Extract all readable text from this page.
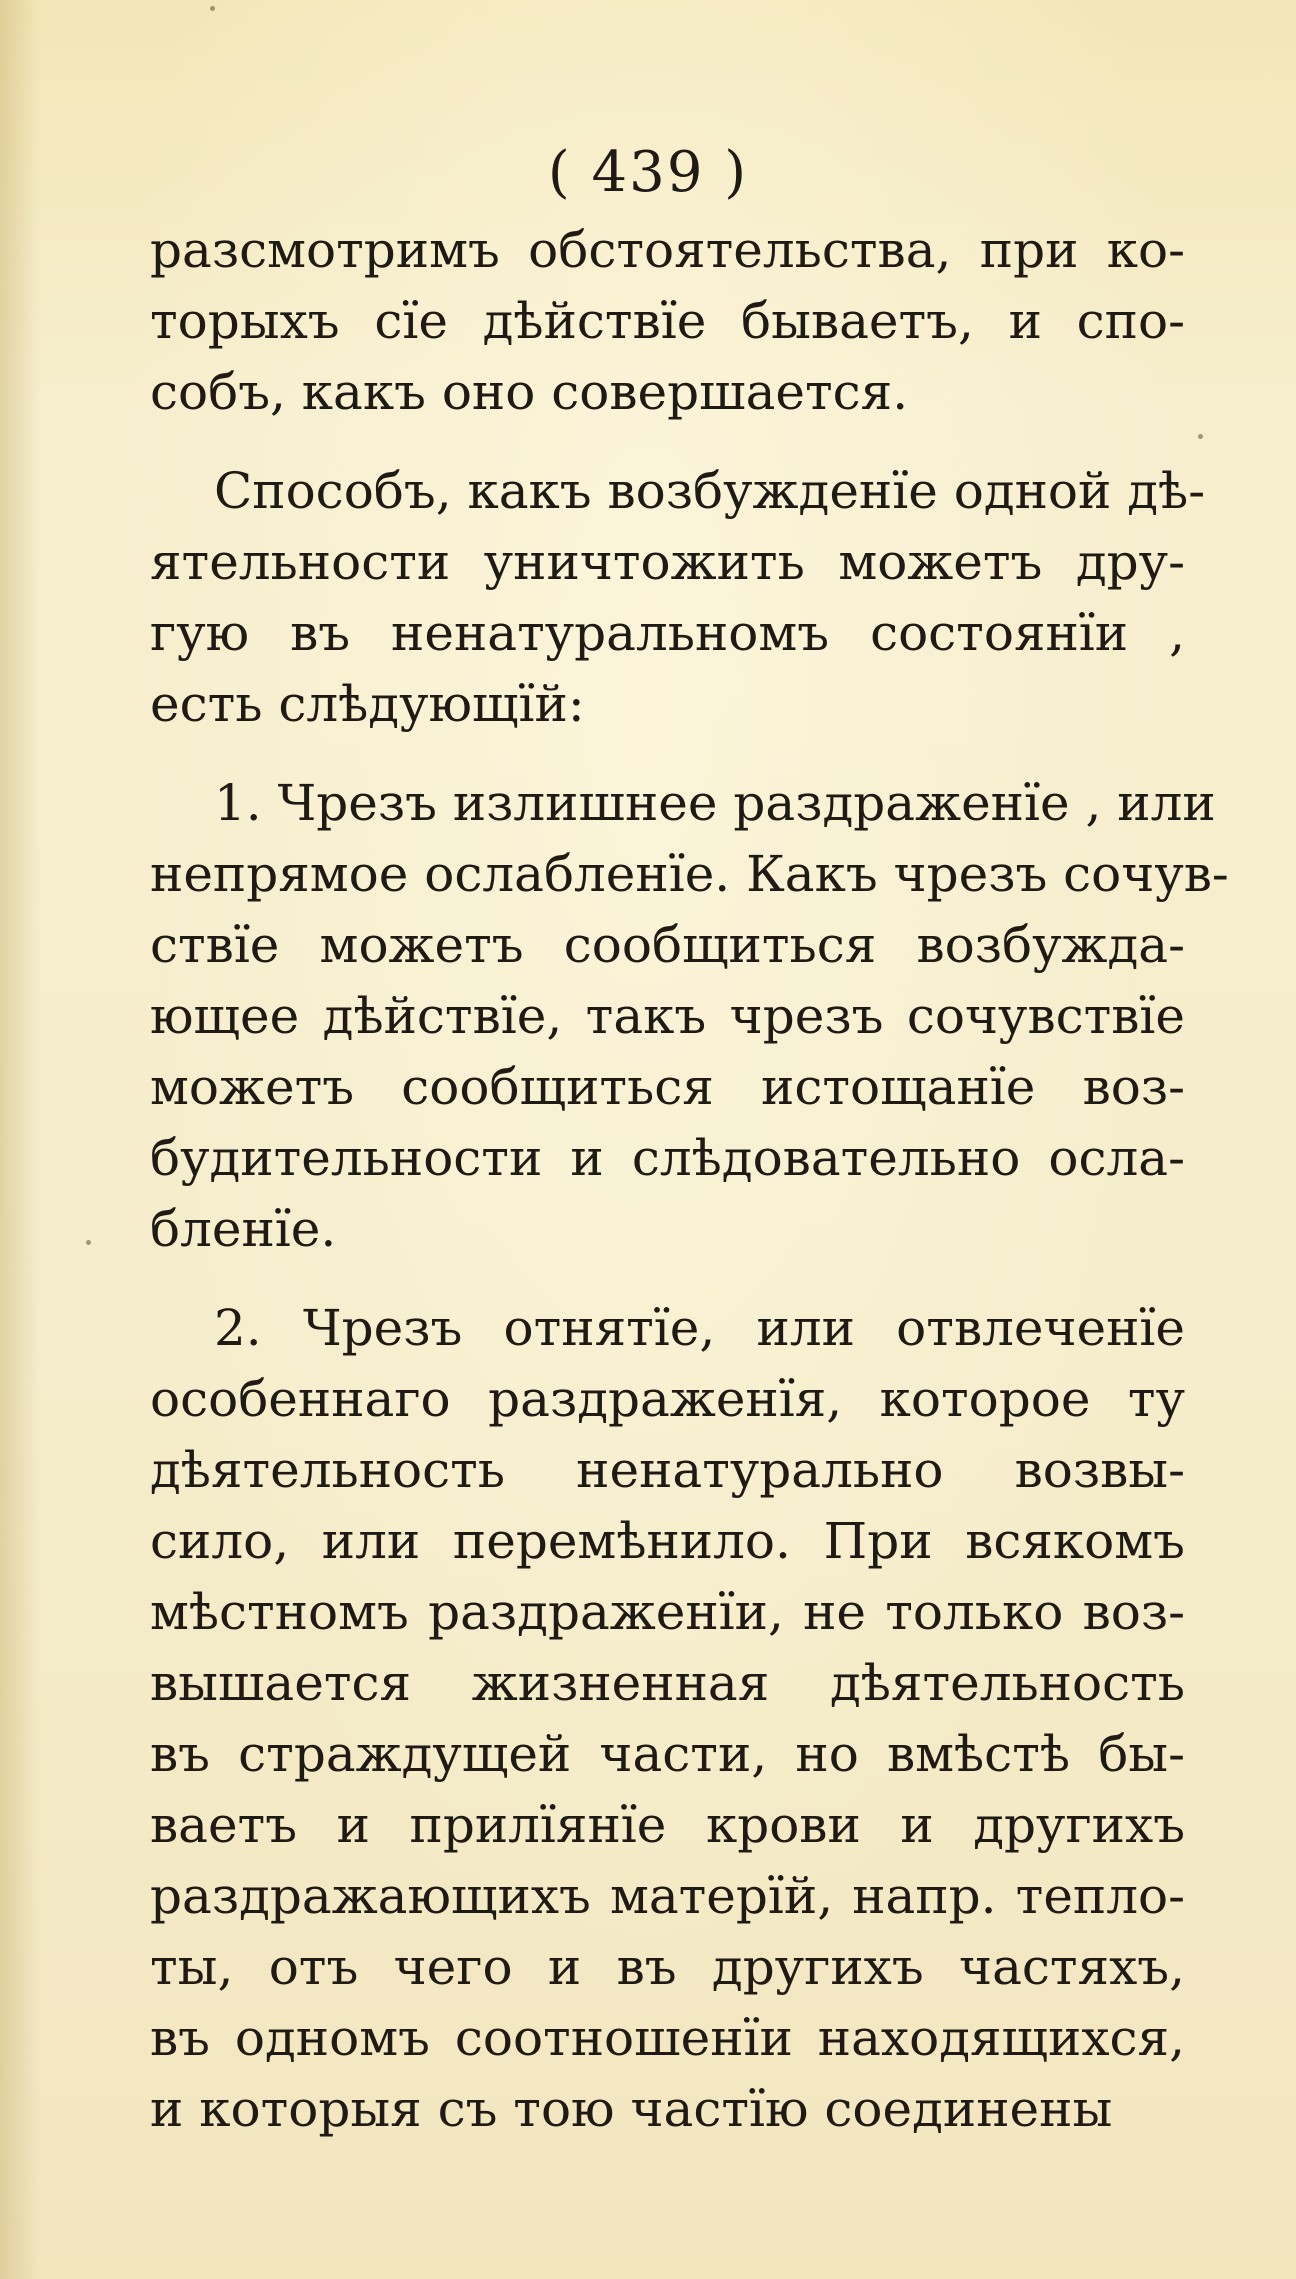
( 439 )
разсмотримъ обстоятельства, при ко-
торыхъ сїе дѣйствїе бываетъ, и спо-
собъ, какъ оно совершается.
Способъ, какъ возбужденїе одной дѣ-
ятельности уничтожить можетъ дру-
гую въ ненатуральномъ состоянїи ,
есть слѣдующїй:
1. Чрезъ излишнее раздраженїе , или
непрямое ослабленїе. Какъ чрезъ сочув-
ствїе можетъ сообщиться возбужда-
ющее дѣйствїе, такъ чрезъ сочувствїе
можетъ сообщиться истощанїе воз-
будительности и слѣдовательно осла-
бленїе.
2. Чрезъ отнятїе, или отвлеченїе
особеннаго раздраженїя, которое ту
дѣятельность ненатурально возвы-
сило, или перемѣнило. При всякомъ
мѣстномъ раздраженїи, не только воз-
вышается жизненная дѣятельность
въ страждущей части, но вмѣстѣ бы-
ваетъ и прилїянїе крови и другихъ
раздражающихъ матерїй, напр. тепло-
ты, отъ чего и въ другихъ частяхъ,
въ одномъ соотношенїи находящихся,
и которыя съ тою частїю соединены
